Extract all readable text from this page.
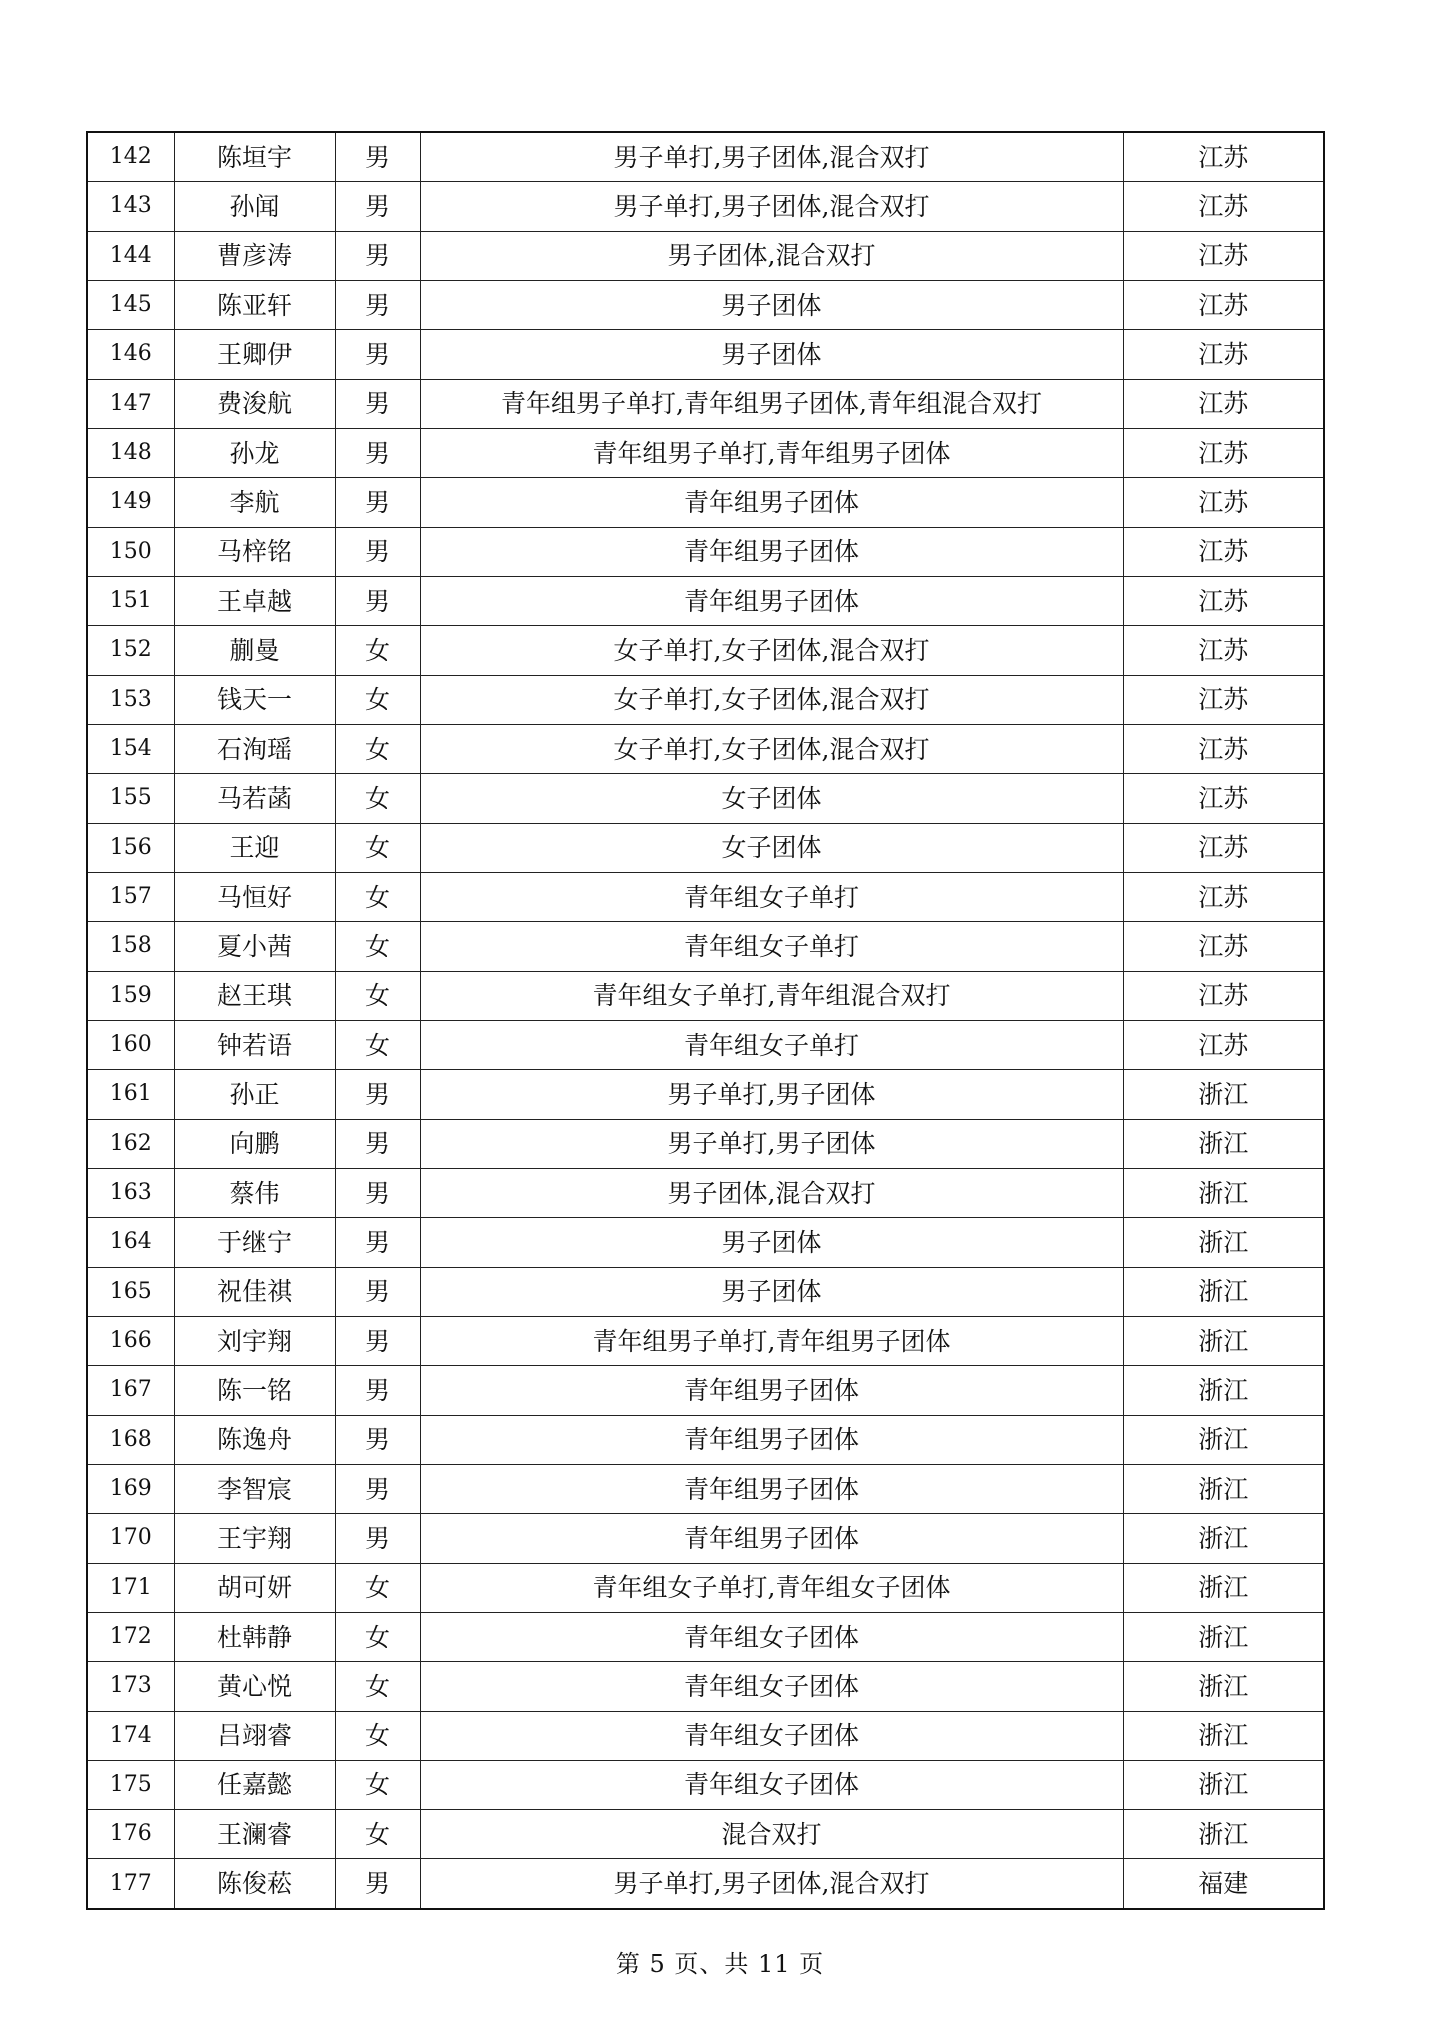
142	陈垣宇	男	男子单打,男子团体,混合双打	江苏
143	孙闻	男	男子单打,男子团体,混合双打	江苏
144	曹彦涛	男	男子团体,混合双打	江苏
145	陈亚轩	男	男子团体	江苏
146	王卿伊	男	男子团体	江苏
147	费浚航	男	青年组男子单打,青年组男子团体,青年组混合双打	江苏
148	孙龙	男	青年组男子单打,青年组男子团体	江苏
149	李航	男	青年组男子团体	江苏
150	马梓铭	男	青年组男子团体	江苏
151	王卓越	男	青年组男子团体	江苏
152	蒯曼	女	女子单打,女子团体,混合双打	江苏
153	钱天一	女	女子单打,女子团体,混合双打	江苏
154	石洵瑶	女	女子单打,女子团体,混合双打	江苏
155	马若菡	女	女子团体	江苏
156	王迎	女	女子团体	江苏
157	马恒好	女	青年组女子单打	江苏
158	夏小茜	女	青年组女子单打	江苏
159	赵王琪	女	青年组女子单打,青年组混合双打	江苏
160	钟若语	女	青年组女子单打	江苏
161	孙正	男	男子单打,男子团体	浙江
162	向鹏	男	男子单打,男子团体	浙江
163	蔡伟	男	男子团体,混合双打	浙江
164	于继宁	男	男子团体	浙江
165	祝佳祺	男	男子团体	浙江
166	刘宇翔	男	青年组男子单打,青年组男子团体	浙江
167	陈一铭	男	青年组男子团体	浙江
168	陈逸舟	男	青年组男子团体	浙江
169	李智宸	男	青年组男子团体	浙江
170	王宇翔	男	青年组男子团体	浙江
171	胡可妍	女	青年组女子单打,青年组女子团体	浙江
172	杜韩静	女	青年组女子团体	浙江
173	黄心悦	女	青年组女子团体	浙江
174	吕翊睿	女	青年组女子团体	浙江
175	任嘉懿	女	青年组女子团体	浙江
176	王澜睿	女	混合双打	浙江
177	陈俊菘	男	男子单打,男子团体,混合双打	福建
第 5 页、共 11 页
